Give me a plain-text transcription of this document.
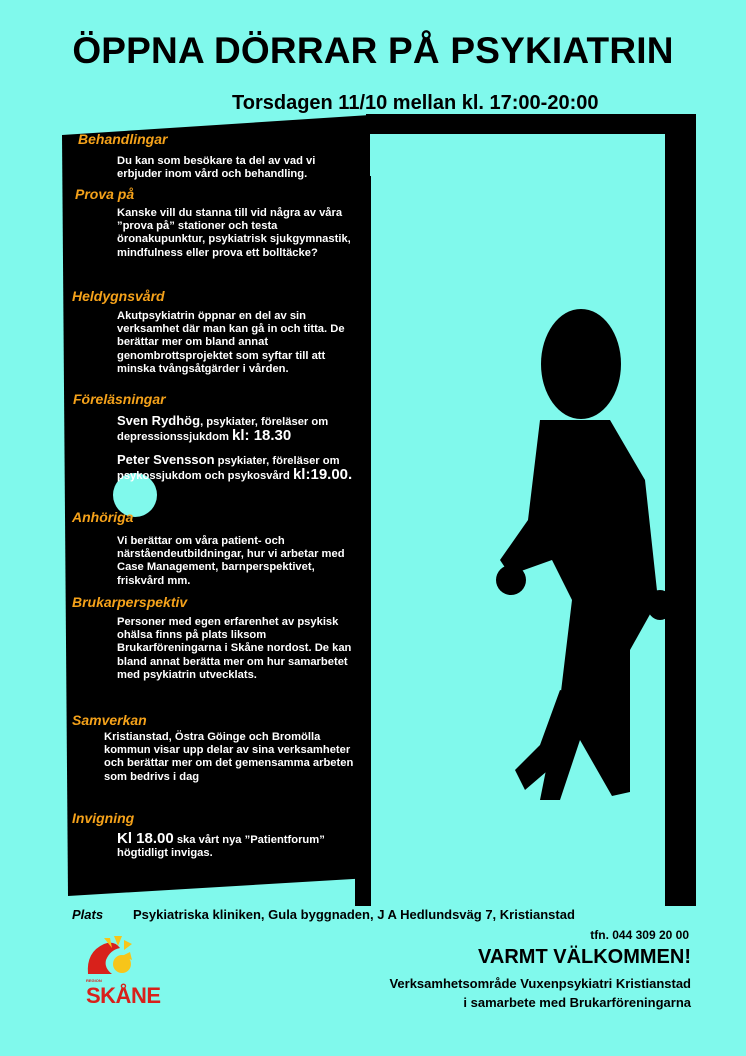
ÖPPNA DÖRRAR PÅ PSYKIATRIN
Torsdagen 11/10 mellan kl. 17:00-20:00
Behandlingar
Du kan som besökare ta del av vad vi erbjuder inom vård och behandling.
Prova på
Kanske vill du stanna till vid några av våra ”prova på” stationer och testa öronakupunktur, psykiatrisk sjukgymnastik, mindfulness eller prova ett bolltäcke?
Heldygnsvård
Akutpsykiatrin öppnar en del av sin verksamhet där man kan gå in och titta. De berättar mer om bland annat genombrottsprojektet som syftar till att minska tvångsåtgärder i vården.
Föreläsningar
Sven Rydhög, psykiater, föreläser om depressionssjukdom kl: 18.30
Peter Svensson psykiater, föreläser om psykossjukdom och psykosvård kl:19.00.
Anhöriga
Vi berättar om våra patient- och närståendeutbildningar, hur vi arbetar med Case Management, barnperspektivet, friskvård mm.
Brukarperspektiv
Personer med egen erfarenhet av psykisk ohälsa finns på plats liksom Brukarföreningarna i Skåne nordost. De kan bland annat berätta mer om hur samarbetet med psykiatrin utvecklats.
Samverkan
Kristianstad, Östra Göinge och Bromölla kommun visar upp delar av sina verksamheter och berättar mer om det gemensamma arbeten som bedrivs i dag
Invigning
Kl 18.00 ska vårt nya ”Patientforum” högtidligt invigas.
Plats Psykiatriska kliniken, Gula byggnaden, J A Hedlundsväg 7, Kristianstad
tfn. 044 309 20 00
VARMT VÄLKOMMEN!
Verksamhetsområde Vuxenpsykiatri Kristianstad
i samarbete med Brukarföreningarna
REGION
SKÅNE
